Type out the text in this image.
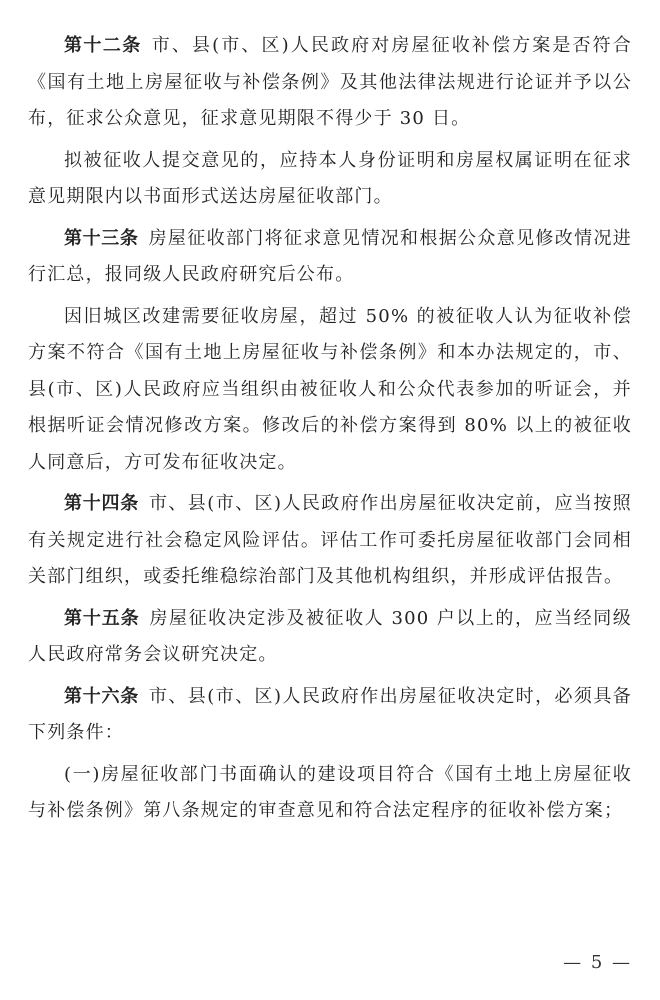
第十二条 市、县(市、区)人民政府对房屋征收补偿方案是否符合《国有土地上房屋征收与补偿条例》及其他法律法规进行论证并予以公布，征求公众意见，征求意见期限不得少于 30 日。

拟被征收人提交意见的，应持本人身份证明和房屋权属证明在征求意见期限内以书面形式送达房屋征收部门。

第十三条 房屋征收部门将征求意见情况和根据公众意见修改情况进行汇总，报同级人民政府研究后公布。

因旧城区改建需要征收房屋，超过 50% 的被征收人认为征收补偿方案不符合《国有土地上房屋征收与补偿条例》和本办法规定的，市、县(市、区)人民政府应当组织由被征收人和公众代表参加的听证会，并根据听证会情况修改方案。修改后的补偿方案得到 80% 以上的被征收人同意后，方可发布征收决定。

第十四条 市、县(市、区)人民政府作出房屋征收决定前，应当按照有关规定进行社会稳定风险评估。评估工作可委托房屋征收部门会同相关部门组织，或委托维稳综治部门及其他机构组织，并形成评估报告。

第十五条 房屋征收决定涉及被征收人 300 户以上的，应当经同级人民政府常务会议研究决定。

第十六条 市、县(市、区)人民政府作出房屋征收决定时，必须具备下列条件：

(一)房屋征收部门书面确认的建设项目符合《国有土地上房屋征收与补偿条例》第八条规定的审查意见和符合法定程序的征收补偿方案；

— 5 —
